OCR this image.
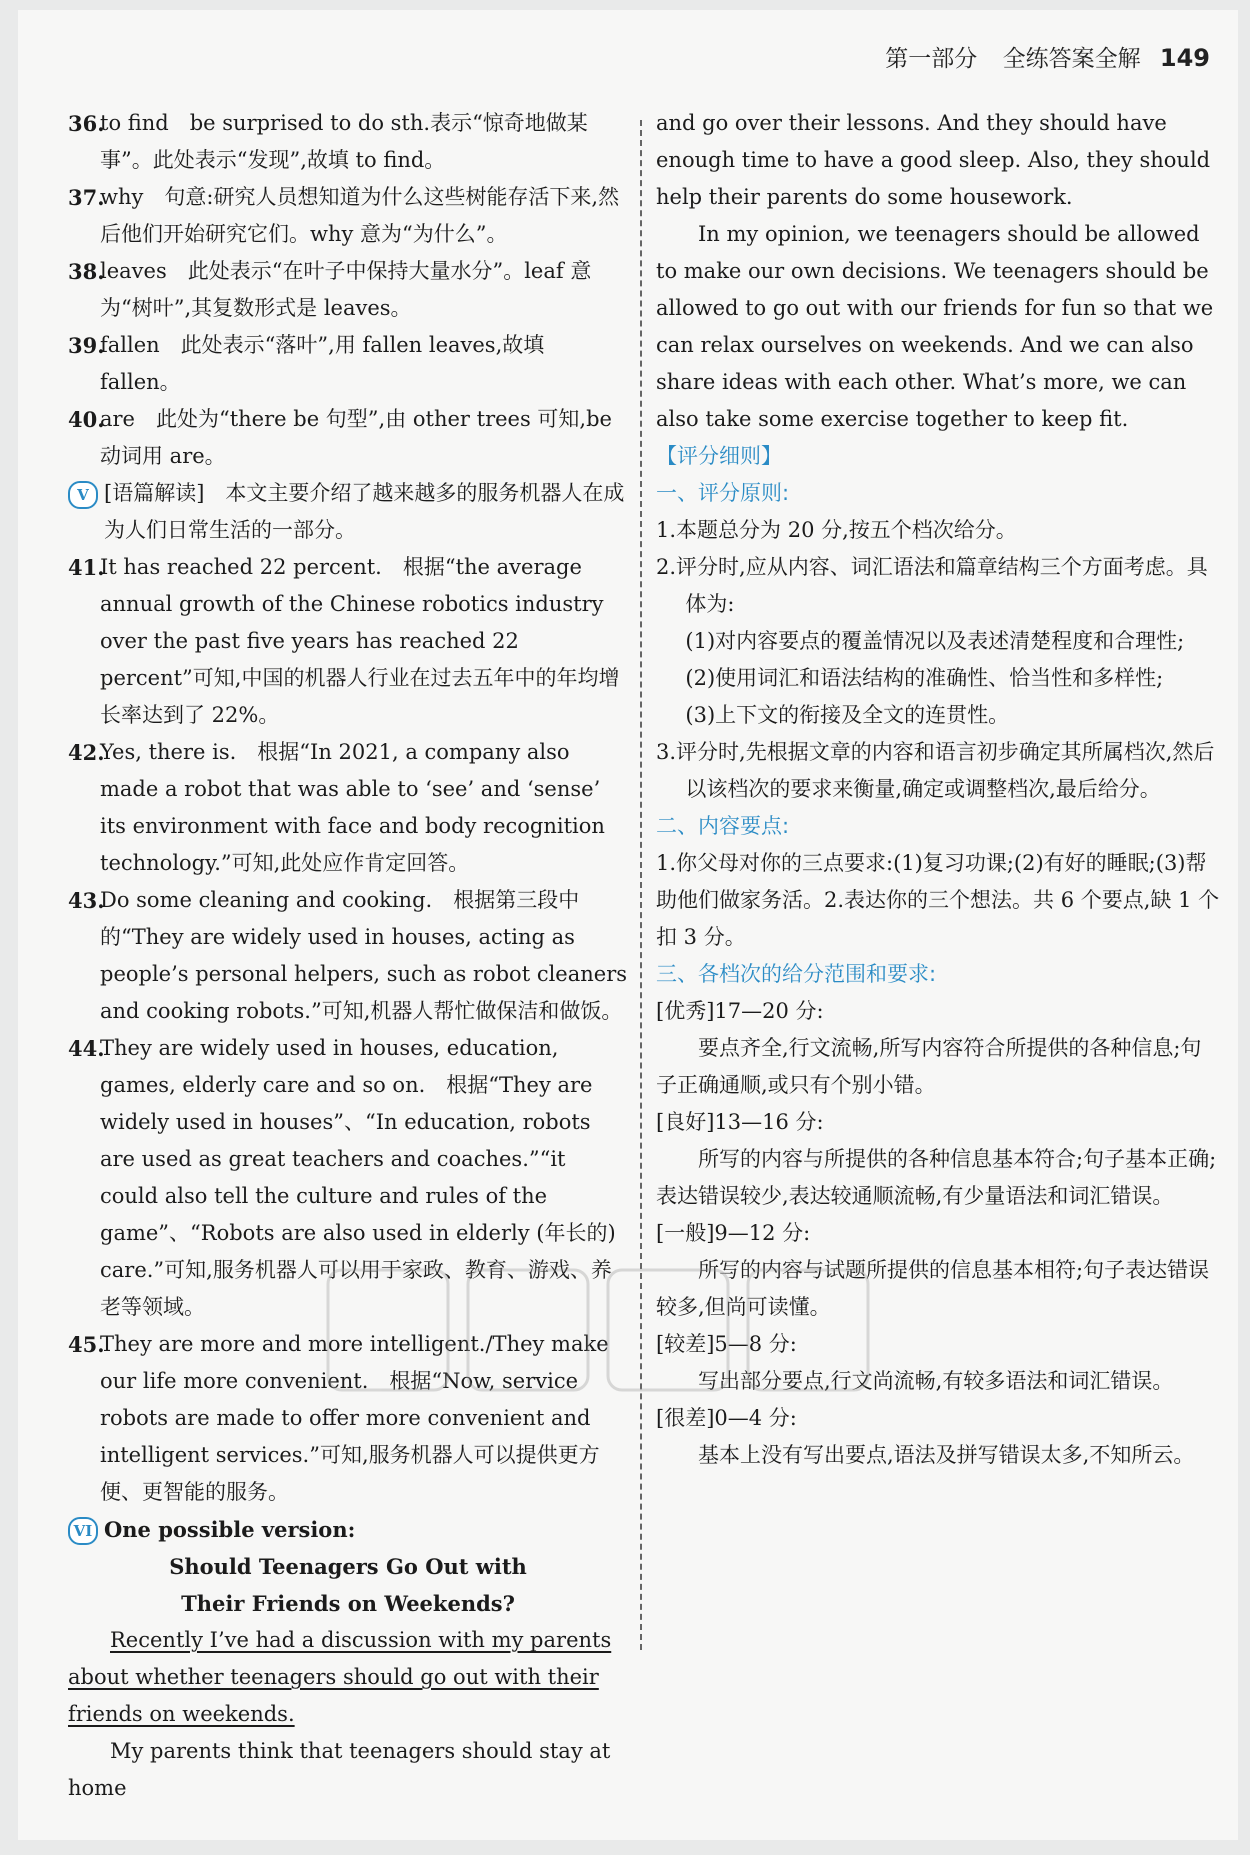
第一部分 全练答案全解 149
36.
to find　be surprised to do sth.表示“惊奇地做某事”。此处表示“发现”,故填 to find。
37.
why　句意:研究人员想知道为什么这些树能存活下来,然后他们开始研究它们。why 意为“为什么”。
38.
leaves　此处表示“在叶子中保持大量水分”。leaf 意为“树叶”,其复数形式是 leaves。
39.
fallen　此处表示“落叶”,用 fallen leaves,故填 fallen。
40.
are　此处为“there be 句型”,由 other trees 可知,be 动词用 are。
V [语篇解读]　本文主要介绍了越来越多的服务机器人在成为人们日常生活的一部分。
41.
It has reached 22 percent.　根据“the average annual growth of the Chinese robotics industry over the past five years has reached 22 percent”可知,中国的机器人行业在过去五年中的年均增长率达到了 22%。
42.
Yes, there is.　根据“In 2021, a company also made a robot that was able to ‘see’ and ‘sense’ its environment with face and body recognition technology.”可知,此处应作肯定回答。
43.
Do some cleaning and cooking.　根据第三段中的“They are widely used in houses, acting as people’s personal helpers, such as robot cleaners and cooking robots.”可知,机器人帮忙做保洁和做饭。
44.
They are widely used in houses, education, games, elderly care and so on.　根据“They are widely used in houses”、“In education, robots are used as great teachers and coaches.”“it could also tell the culture and rules of the game”、“Robots are also used in elderly (年长的) care.”可知,服务机器人可以用于家政、教育、游戏、养老等领域。
45.
They are more and more intelligent./They make our life more convenient.　根据“Now, service robots are made to offer more convenient and intelligent services.”可知,服务机器人可以提供更方便、更智能的服务。
VI One possible version:
Should Teenagers Go Out with
Their Friends on Weekends?
Recently I’ve had a discussion with my parents about whether teenagers should go out with their friends on weekends.
My parents think that teenagers should stay at home
and go over their lessons. And they should have enough time to have a good sleep. Also, they should help their parents do some housework.
In my opinion, we teenagers should be allowed to make our own decisions. We teenagers should be allowed to go out with our friends for fun so that we can relax ourselves on weekends. And we can also share ideas with each other. What’s more, we can also take some exercise together to keep fit.
【评分细则】
一、评分原则:
1.本题总分为 20 分,按五个档次给分。
2.评分时,应从内容、词汇语法和篇章结构三个方面考虑。具体为:
(1)对内容要点的覆盖情况以及表述清楚程度和合理性;
(2)使用词汇和语法结构的准确性、恰当性和多样性;
(3)上下文的衔接及全文的连贯性。
3.评分时,先根据文章的内容和语言初步确定其所属档次,然后以该档次的要求来衡量,确定或调整档次,最后给分。
二、内容要点:
1.你父母对你的三点要求:(1)复习功课;(2)有好的睡眠;(3)帮助他们做家务活。2.表达你的三个想法。共 6 个要点,缺 1 个扣 3 分。
三、各档次的给分范围和要求:
[优秀]17—20 分:
要点齐全,行文流畅,所写内容符合所提供的各种信息;句子正确通顺,或只有个别小错。
[良好]13—16 分:
所写的内容与所提供的各种信息基本符合;句子基本正确;表达错误较少,表达较通顺流畅,有少量语法和词汇错误。
[一般]9—12 分:
所写的内容与试题所提供的信息基本相符;句子表达错误较多,但尚可读懂。
[较差]5—8 分:
写出部分要点,行文尚流畅,有较多语法和词汇错误。
[很差]0—4 分:
基本上没有写出要点,语法及拼写错误太多,不知所云。
